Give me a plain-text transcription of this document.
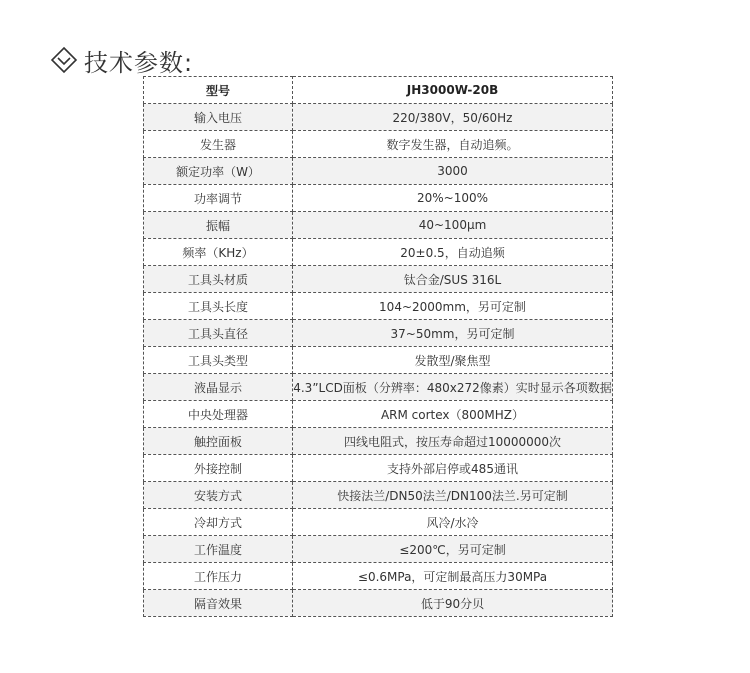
技术参数:
型号	JH3000W-20B
输入电压	220/380V，50/60Hz
发生器	数字发生器，自动追频。
额定功率（W）	3000
功率调节	20%~100%
振幅	40~100μm
频率（KHz）	20±0.5，自动追频
工具头材质	钛合金/SUS 316L
工具头长度	104~2000mm，另可定制
工具头直径	37~50mm，另可定制
工具头类型	发散型/聚焦型
液晶显示	4.3”LCD面板（分辨率：480x272像素）实时显示各项数据
中央处理器	ARM cortex（800MHZ）
触控面板	四线电阻式，按压寿命超过10000000次
外接控制	支持外部启停或485通讯
安装方式	快接法兰/DN50法兰/DN100法兰.另可定制
冷却方式	风冷/水冷
工作温度	≤200℃，另可定制
工作压力	≤0.6MPa，可定制最高压力30MPa
隔音效果	低于90分贝
